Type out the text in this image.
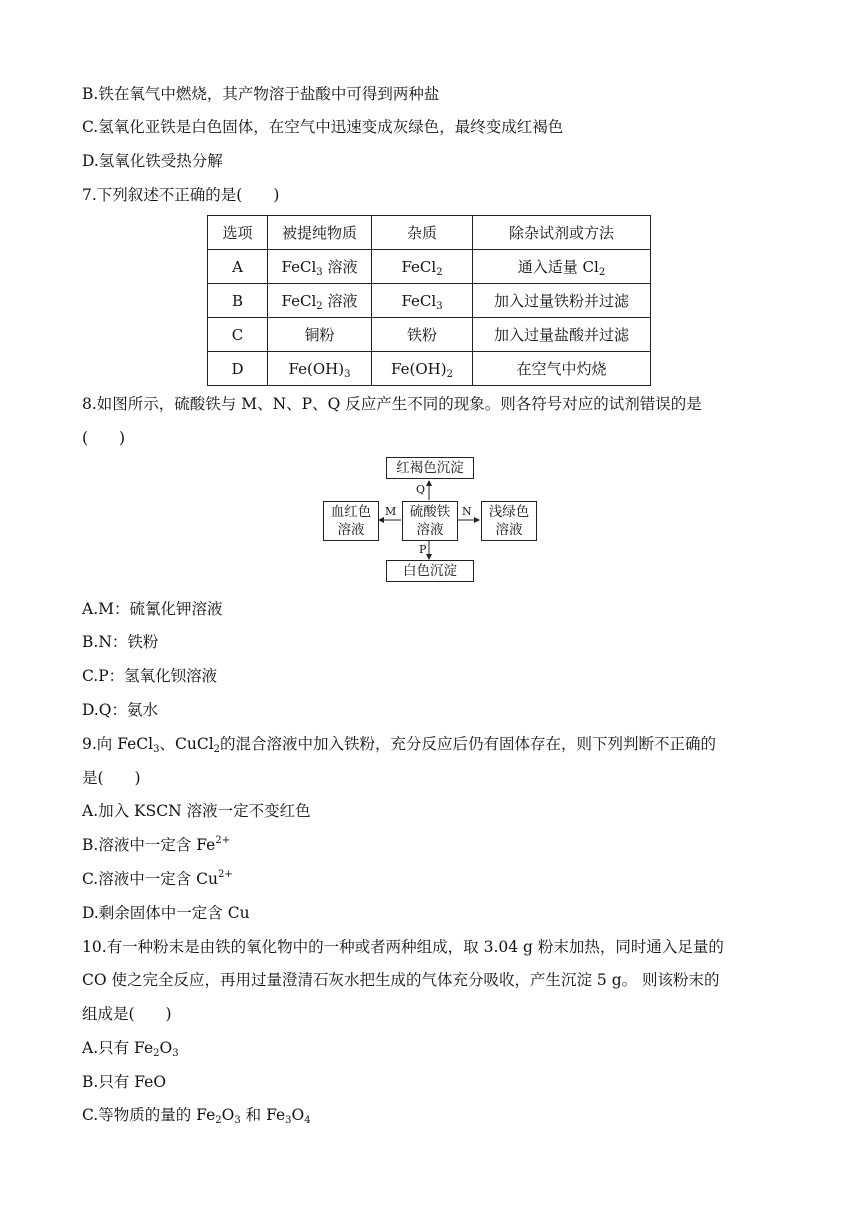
B.铁在氧气中燃烧，其产物溶于盐酸中可得到两种盐
C.氢氧化亚铁是白色固体，在空气中迅速变成灰绿色，最终变成红褐色
D.氢氧化铁受热分解
7.下列叙述不正确的是(　　)
选项	被提纯物质	杂质	除杂试剂或方法
A	FeCl$_3$ 溶液	FeCl$_2$	通入适量 $Cl_2$
B	FeCl$_2$ 溶液	FeCl$_3$	加入过量铁粉并过滤
C	铜粉	铁粉	加入过量盐酸并过滤
D	$Fe(OH)_3$	$Fe(OH)_2$	在空气中灼烧
8.如图所示，硫酸铁与 M、N、P、Q 反应产生不同的现象。则各符号对应的试剂错误的是
(　　)
红褐色沉淀
白色沉淀
硫酸铁
溶液
血红色
溶液
浅绿色
溶液
Q
P
M	N
A.M：硫氰化钾溶液
B.N：铁粉
C.P：氢氧化钡溶液
D.Q：氨水
9.向 FeCl$_3$、CuCl$_2$的混合溶液中加入铁粉，充分反应后仍有固体存在，则下列判断不正确的
是(　　)
A.加入 KSCN 溶液一定不变红色
B.溶液中一定含 $Fe^{2+}$
C.溶液中一定含 $Cu^{2+}$
D.剩余固体中一定含 Cu
10.有一种粉末是由铁的氧化物中的一种或者两种组成，取 3.04 g 粉末加热，同时通入足量的
CO 使之完全反应，再用过量澄清石灰水把生成的气体充分吸收，产生沉淀 5 g。 则该粉末的
组成是(　　)
A.只有 $Fe_2O_3$
B.只有 FeO
C.等物质的量的 $Fe_2O_3$ 和 $Fe_3O_4$
